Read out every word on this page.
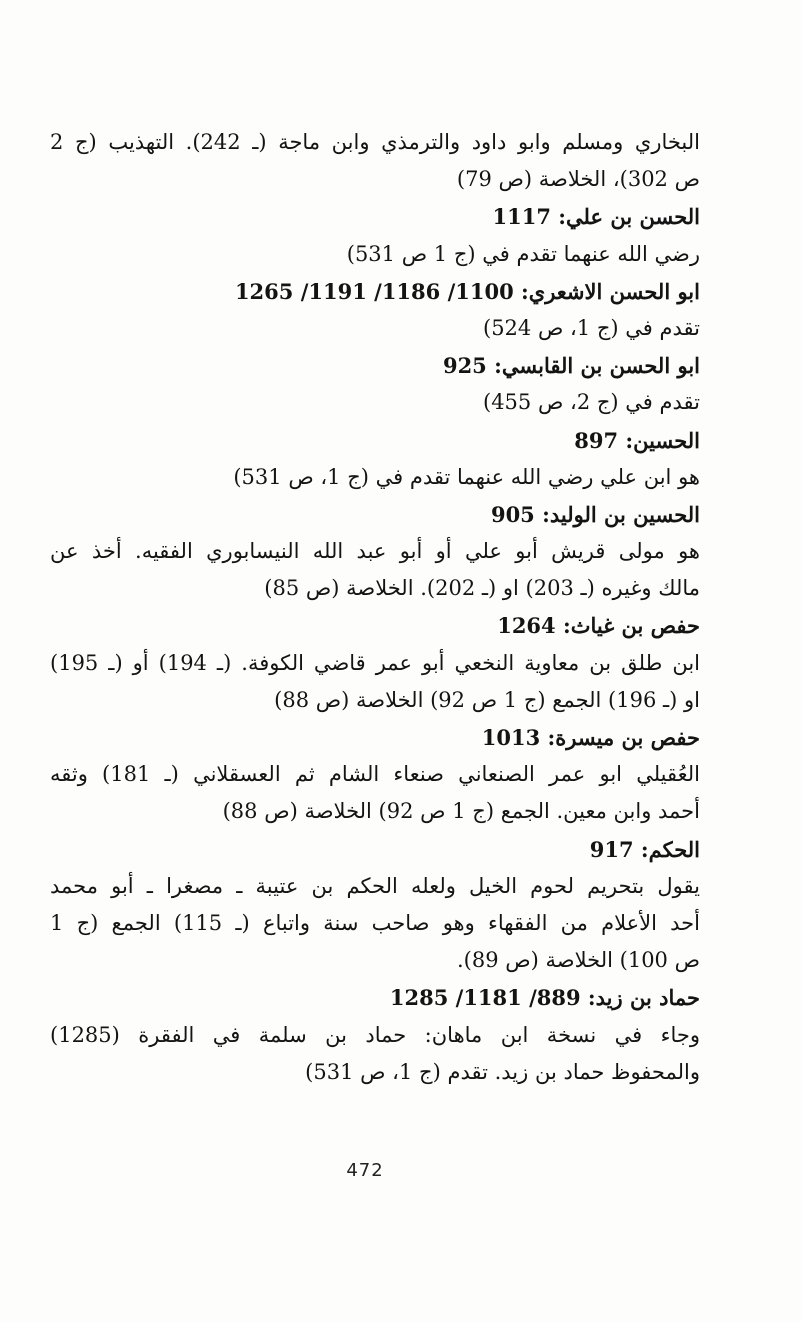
البخاري ومسلم وابو داود والترمذي وابن ماجة (ـ 242). التهذيب (ج 2
ص 302)، الخلاصة (ص 79)
الحسن بن علي: 1117
رضي الله عنهما تقدم في (ج 1 ص 531)
ابو الحسن الاشعري: 1100/ 1186/ 1191/ 1265
تقدم في (ج 1، ص 524)
ابو الحسن بن القابسي: 925
تقدم في (ج 2، ص 455)
الحسين: 897
هو ابن علي رضي الله عنهما تقدم في (ج 1، ص 531)
الحسين بن الوليد: 905
هو مولى قريش أبو علي أو أبو عبد الله النيسابوري الفقيه. أخذ عن
مالك وغيره (ـ 203) او (ـ 202). الخلاصة (ص 85)
حفص بن غياث: 1264
ابن طلق بن معاوية النخعي أبو عمر قاضي الكوفة. (ـ 194) أو (ـ 195)
او (ـ 196) الجمع (ج 1 ص 92) الخلاصة (ص 88)
حفص بن ميسرة: 1013
العُقيلي ابو عمر الصنعاني صنعاء الشام ثم العسقلاني (ـ 181) وثقه
أحمد وابن معين. الجمع (ج 1 ص 92) الخلاصة (ص 88)
الحكم: 917
يقول بتحريم لحوم الخيل ولعله الحكم بن عتيبة ـ مصغرا ـ أبو محمد
أحد الأعلام من الفقهاء وهو صاحب سنة واتباع (ـ 115) الجمع (ج 1
ص 100) الخلاصة (ص 89).
حماد بن زيد: 889/ 1181/ 1285
وجاء في نسخة ابن ماهان: حماد بن سلمة في الفقرة (1285)
والمحفوظ حماد بن زيد. تقدم (ج 1، ص 531)
472
